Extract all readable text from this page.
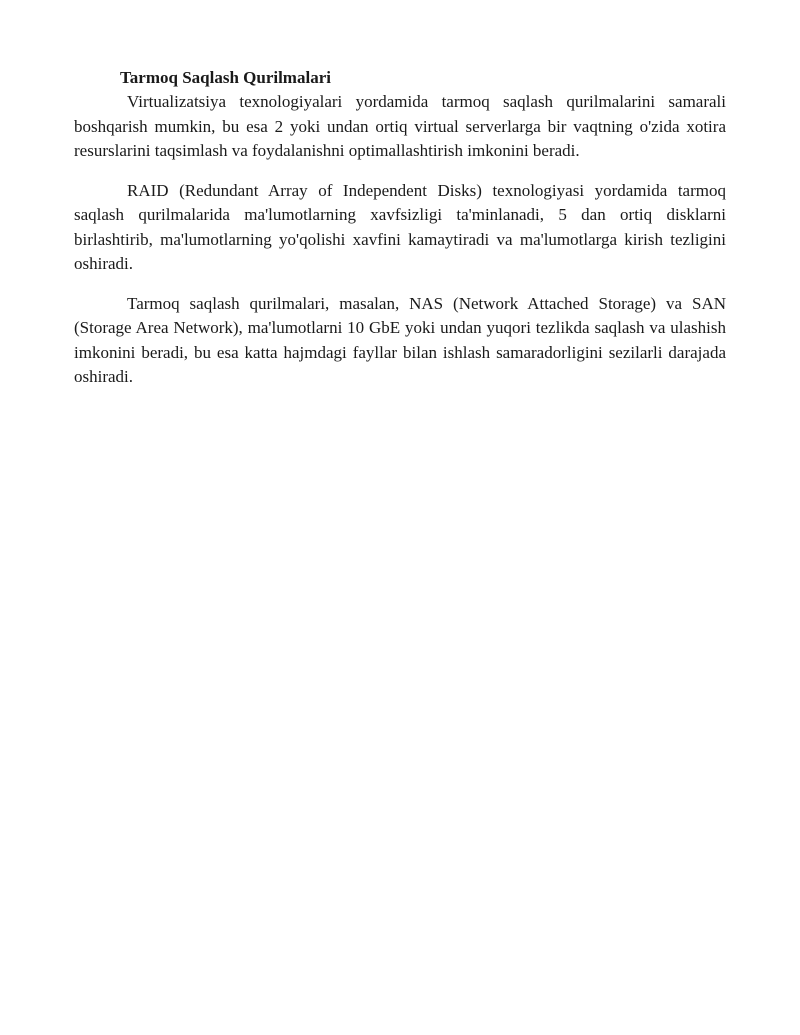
Tarmoq Saqlash Qurilmalari

Virtualizatsiya texnologiyalari yordamida tarmoq saqlash qurilmalarini samarali boshqarish mumkin, bu esa 2 yoki undan ortiq virtual serverlarga bir vaqtning o'zida xotira resurslarini taqsimlash va foydalanishni optimallashtirish imkonini beradi.

RAID (Redundant Array of Independent Disks) texnologiyasi yordamida tarmoq saqlash qurilmalarida ma'lumotlarning xavfsizligi ta'minlanadi, 5 dan ortiq disklarni birlashtirib, ma'lumotlarning yo'qolishi xavfini kamaytiradi va ma'lumotlarga kirish tezligini oshiradi.

Tarmoq saqlash qurilmalari, masalan, NAS (Network Attached Storage) va SAN (Storage Area Network), ma'lumotlarni 10 GbE yoki undan yuqori tezlikda saqlash va ulashish imkonini beradi, bu esa katta hajmdagi fayllar bilan ishlash samaradorligini sezilarli darajada oshiradi.
